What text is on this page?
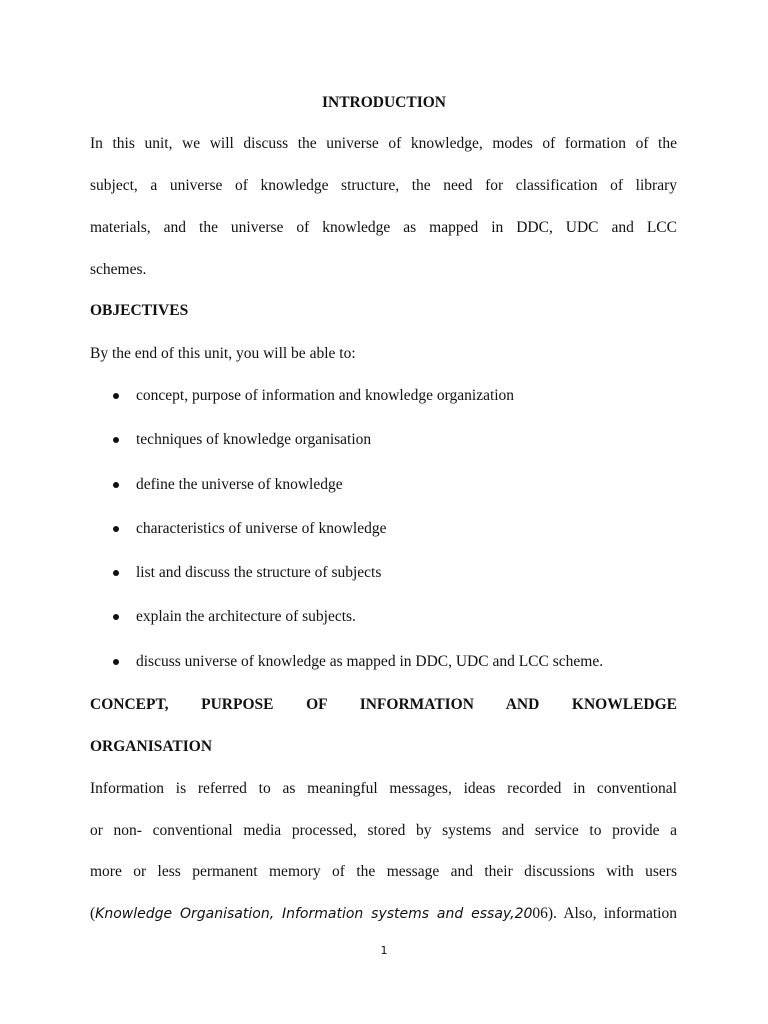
INTRODUCTION

In this unit, we will discuss the universe of knowledge, modes of formation of the

subject, a universe of knowledge structure, the need for classification of library

materials, and the universe of knowledge as mapped in DDC, UDC and LCC

schemes.

OBJECTIVES

By the end of this unit, you will be able to:

concept, purpose of information and knowledge organization
techniques of knowledge organisation
define the universe of knowledge
characteristics of universe of knowledge
list and discuss the structure of subjects
explain the architecture of subjects.
discuss universe of knowledge as mapped in DDC, UDC and LCC scheme.

CONCEPT, PURPOSE OF INFORMATION AND KNOWLEDGE

ORGANISATION

Information is referred to as meaningful messages, ideas recorded in conventional

or non- conventional media processed, stored by systems and service to provide a

more or less permanent memory of the message and their discussions with users

(Knowledge Organisation, Information systems and essay,2006). Also, information

1
